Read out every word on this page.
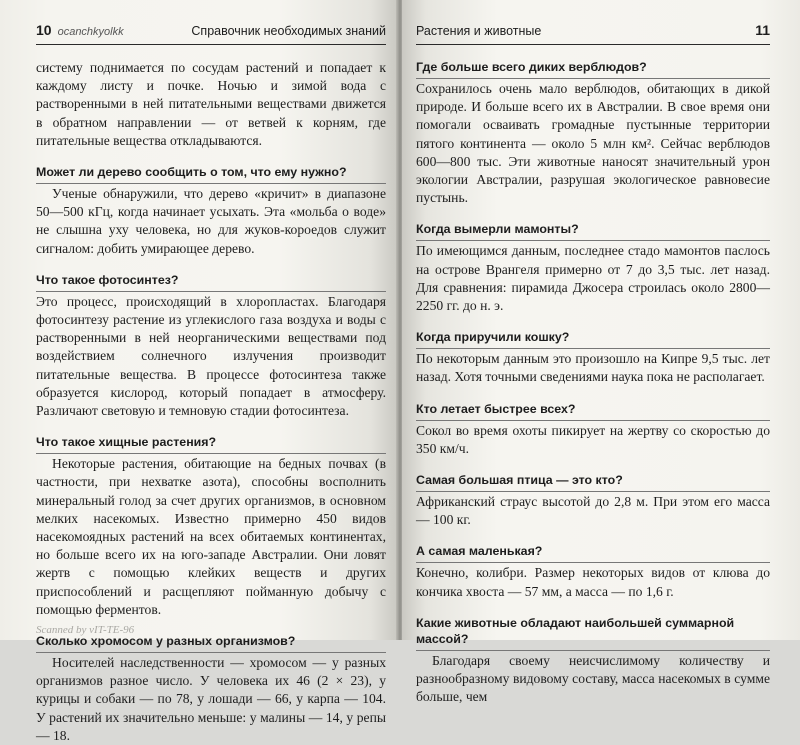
10 ocanchkyolkk	Справочник необходимых знаний

систему поднимается по сосудам растений и попадает к каждому листу и почке. Ночью и зимой вода с растворенными в ней питательными веществами движется в обратном направлении — от ветвей к корням, где питательные вещества откладываются.

Может ли дерево сообщить о том, что ему нужно?

Ученые обнаружили, что дерево «кричит» в диапазоне 50—500 кГц, когда начинает усыхать. Эта «мольба о воде» не слышна уху человека, но для жуков-короедов служит сигналом: добить умирающее дерево.

Что такое фотосинтез?

Это процесс, происходящий в хлоропластах. Благодаря фотосинтезу растение из углекислого газа воздуха и воды с растворенными в ней неорганическими веществами под воздействием солнечного излучения производит питательные вещества. В процессе фотосинтеза также образуется кислород, который попадает в атмосферу. Различают световую и темновую стадии фотосинтеза.

Что такое хищные растения?

Некоторые растения, обитающие на бедных почвах (в частности, при нехватке азота), способны восполнить минеральный голод за счет других организмов, в основном мелких насекомых. Известно примерно 450 видов насекомоядных растений на всех обитаемых континентах, но больше всего их на юго-западе Австралии. Они ловят жертв с помощью клейких веществ и других приспособлений и расщепляют пойманную добычу с помощью ферментов.

Сколько хромосом у разных организмов?

Носителей наследственности — хромосом — у разных организмов разное число. У человека их 46 (2 × 23), у курицы и собаки — по 78, у лошади — 66, у карпа — 104. У растений их значительно меньше: у малины — 14, у репы — 18.

Scanned by vIT-TE-96
Растения и животные	11
Где больше всего диких верблюдов?

Сохранилось очень мало верблюдов, обитающих в дикой природе. И больше всего их в Австралии. В свое время они помогали осваивать громадные пустынные территории пятого континента — около 5 млн км². Сейчас верблюдов 600—800 тыс. Эти животные наносят значительный урон экологии Австралии, разрушая экологическое равновесие пустынь.

Когда вымерли мамонты?

По имеющимся данным, последнее стадо мамонтов паслось на острове Врангеля примерно от 7 до 3,5 тыс. лет назад. Для сравнения: пирамида Джосера строилась около 2800—2250 гг. до н. э.

Когда приручили кошку?

По некоторым данным это произошло на Кипре 9,5 тыс. лет назад. Хотя точными сведениями наука пока не располагает.

Кто летает быстрее всех?

Сокол во время охоты пикирует на жертву со скоростью до 350 км/ч.

Самая большая птица — это кто?

Африканский страус высотой до 2,8 м. При этом его масса — 100 кг.

А самая маленькая?

Конечно, колибри. Размер некоторых видов от клюва до кончика хвоста — 57 мм, а масса — по 1,6 г.

Какие животные обладают наибольшей суммарной массой?

Благодаря своему неисчислимому количеству и разнообразному видовому составу, масса насекомых в сумме больше, чем
